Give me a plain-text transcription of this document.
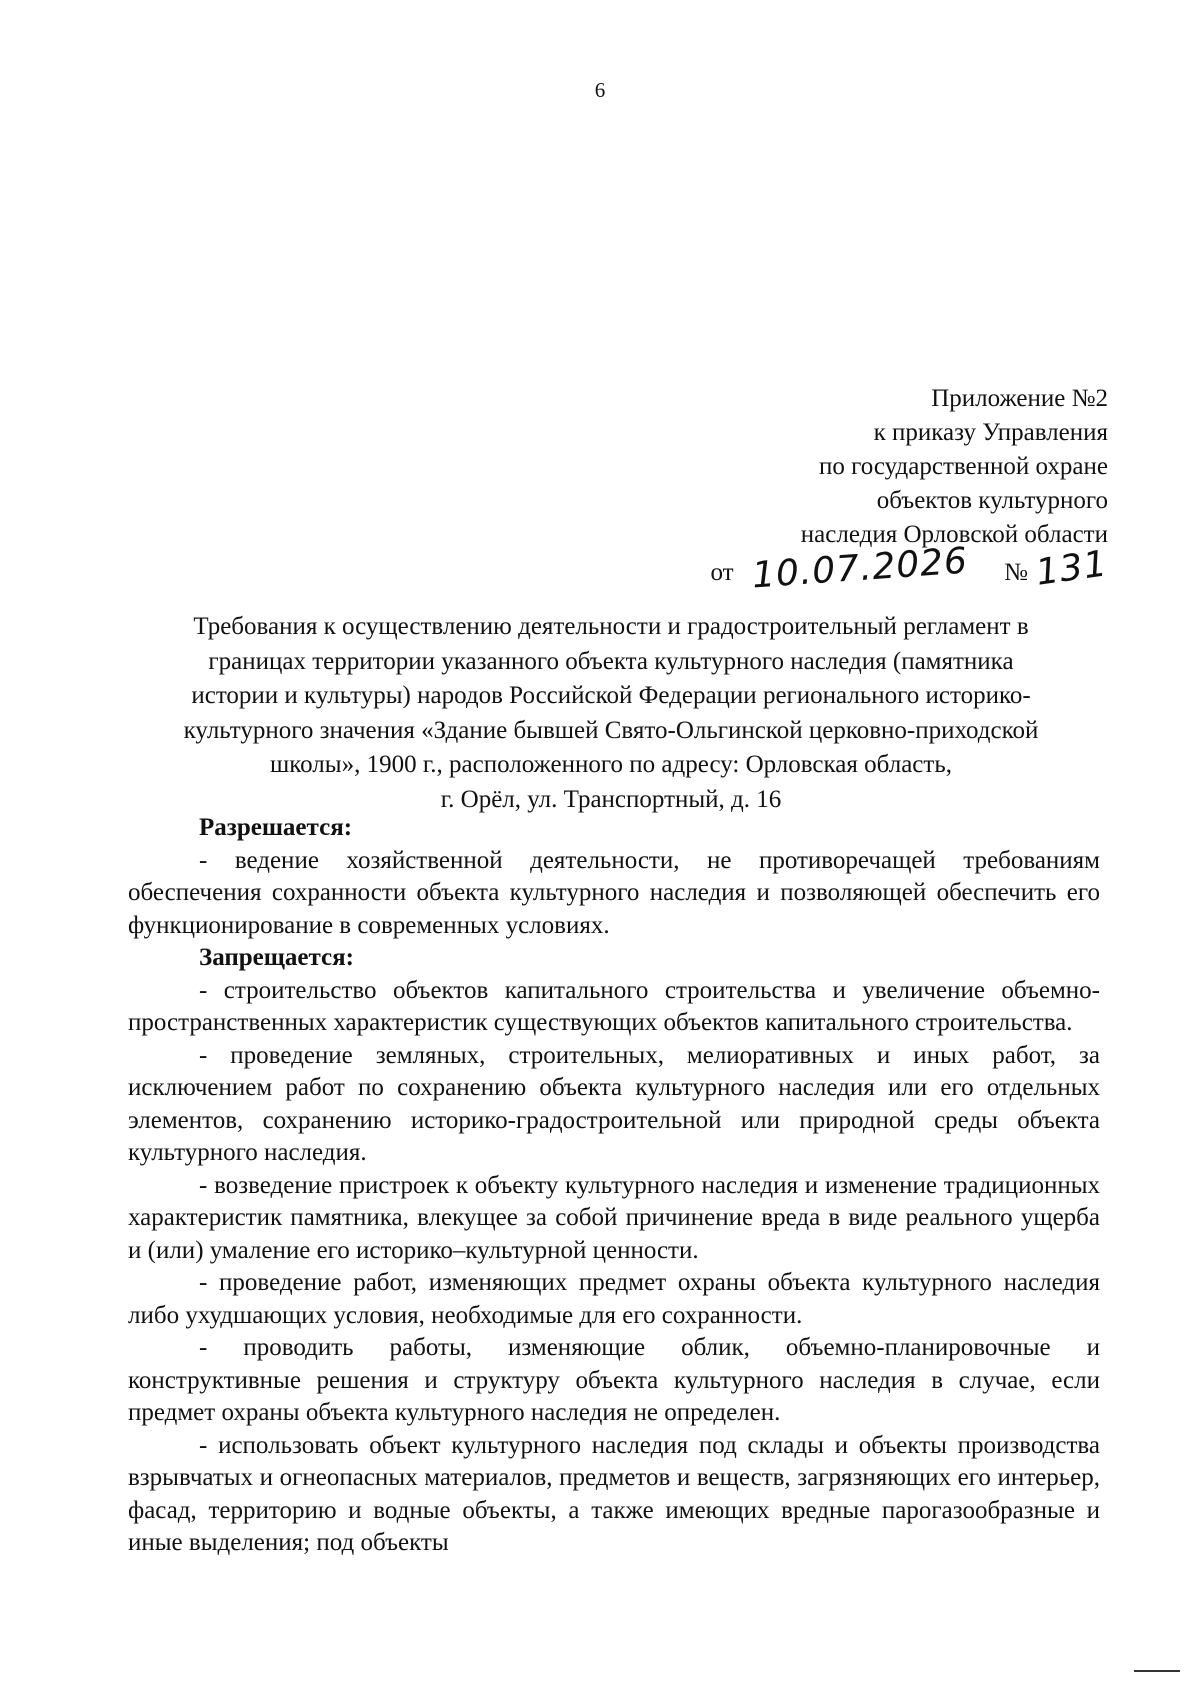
6
Приложение №2
к приказу Управления
по государственной охране
объектов культурного
наследия Орловской области
от 10.07.2026 № 131
Требования к осуществлению деятельности и градостроительный регламент в
границах территории указанного объекта культурного наследия (памятника
истории и культуры) народов Российской Федерации регионального историко-
культурного значения «Здание бывшей Свято-Ольгинской церковно-приходской
школы», 1900 г., расположенного по адресу: Орловская область,
г. Орёл, ул. Транспортный, д. 16
Разрешается:

- ведение хозяйственной деятельности, не противоречащей требованиям обеспечения сохранности объекта культурного наследия и позволяющей обеспечить его функционирование в современных условиях.

Запрещается:

- строительство объектов капитального строительства и увеличение объемно-пространственных характеристик существующих объектов капитального строительства.

- проведение земляных, строительных, мелиоративных и иных работ, за исключением работ по сохранению объекта культурного наследия или его отдельных элементов, сохранению историко-градостроительной или природной среды объекта культурного наследия.

- возведение пристроек к объекту культурного наследия и изменение традиционных характеристик памятника, влекущее за собой причинение вреда в виде реального ущерба и (или) умаление его историко–культурной ценности.

- проведение работ, изменяющих предмет охраны объекта культурного наследия либо ухудшающих условия, необходимые для его сохранности.

- проводить работы, изменяющие облик, объемно-планировочные и конструктивные решения и структуру объекта культурного наследия в случае, если предмет охраны объекта культурного наследия не определен.

- использовать объект культурного наследия под склады и объекты производства взрывчатых и огнеопасных материалов, предметов и веществ, загрязняющих его интерьер, фасад, территорию и водные объекты, а также имеющих вредные парогазообразные и иные выделения; под объекты
